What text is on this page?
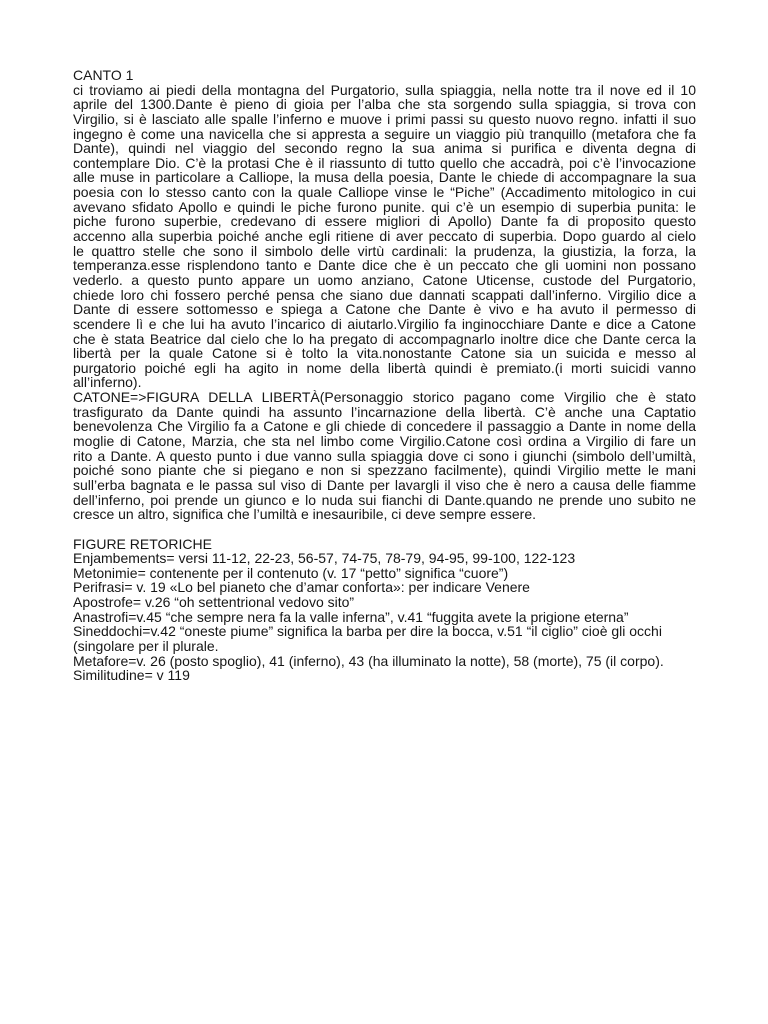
CANTO 1
ci troviamo ai piedi della montagna del Purgatorio, sulla spiaggia, nella notte tra il nove ed il 10
aprile del 1300.Dante è pieno di gioia per l’alba che sta sorgendo sulla spiaggia, si trova con
Virgilio, si è lasciato alle spalle l’inferno e muove i primi passi su questo nuovo regno. infatti il suo
ingegno è come una navicella che si appresta a seguire un viaggio più tranquillo (metafora che fa
Dante), quindi nel viaggio del secondo regno la sua anima si purifica e diventa degna di
contemplare Dio. C’è la protasi Che è il riassunto di tutto quello che accadrà, poi c’è l’invocazione
alle muse in particolare a Calliope, la musa della poesia, Dante le chiede di accompagnare la sua
poesia con lo stesso canto con la quale Calliope vinse le “Piche” (Accadimento mitologico in cui
avevano sfidato Apollo e quindi le piche furono punite. qui c’è un esempio di superbia punita: le
piche furono superbie, credevano di essere migliori di Apollo) Dante fa di proposito questo
accenno alla superbia poiché anche egli ritiene di aver peccato di superbia. Dopo guardo al cielo
le quattro stelle che sono il simbolo delle virtù cardinali: la prudenza, la giustizia, la forza, la
temperanza.esse risplendono tanto e Dante dice che è un peccato che gli uomini non possano
vederlo. a questo punto appare un uomo anziano, Catone Uticense, custode del Purgatorio,
chiede loro chi fossero perché pensa che siano due dannati scappati dall’inferno. Virgilio dice a
Dante di essere sottomesso e spiega a Catone che Dante è vivo e ha avuto il permesso di
scendere lì e che lui ha avuto l’incarico di aiutarlo.Virgilio fa inginocchiare Dante e dice a Catone
che è stata Beatrice dal cielo che lo ha pregato di accompagnarlo inoltre dice che Dante cerca la
libertà per la quale Catone si è tolto la vita.nonostante Catone sia un suicida e messo al
purgatorio poiché egli ha agito in nome della libertà quindi è premiato.(i morti suicidi vanno
all’inferno).
CATONE=>FIGURA DELLA LIBERTÀ(Personaggio storico pagano come Virgilio che è stato
trasfigurato da Dante quindi ha assunto l’incarnazione della libertà. C’è anche una Captatio
benevolenza Che Virgilio fa a Catone e gli chiede di concedere il passaggio a Dante in nome della
moglie di Catone, Marzia, che sta nel limbo come Virgilio.Catone così ordina a Virgilio di fare un
rito a Dante. A questo punto i due vanno sulla spiaggia dove ci sono i giunchi (simbolo dell’umiltà,
poiché sono piante che si piegano e non si spezzano facilmente), quindi Virgilio mette le mani
sull’erba bagnata e le passa sul viso di Dante per lavargli il viso che è nero a causa delle fiamme
dell’inferno, poi prende un giunco e lo nuda sui fianchi di Dante.quando ne prende uno subito ne
cresce un altro, significa che l’umiltà e inesauribile, ci deve sempre essere.
FIGURE RETORICHE
Enjambements= versi 11-12, 22-23, 56-57, 74-75, 78-79, 94-95, 99-100, 122-123
Metonimie= contenente per il contenuto (v. 17 “petto” significa “cuore”)
Perifrasi= v. 19 «Lo bel pianeto che d’amar conforta»: per indicare Venere
Apostrofe= v.26 “oh settentrional vedovo sito”
Anastrofi=v.45 “che sempre nera fa la valle inferna”, v.41 “fuggita avete la prigione eterna”
Sineddochi=v.42 “oneste piume” significa la barba per dire la bocca, v.51 “il ciglio” cioè gli occhi
(singolare per il plurale.
Metafore=v. 26 (posto spoglio), 41 (inferno), 43 (ha illuminato la notte), 58 (morte), 75 (il corpo).
Similitudine= v 119
